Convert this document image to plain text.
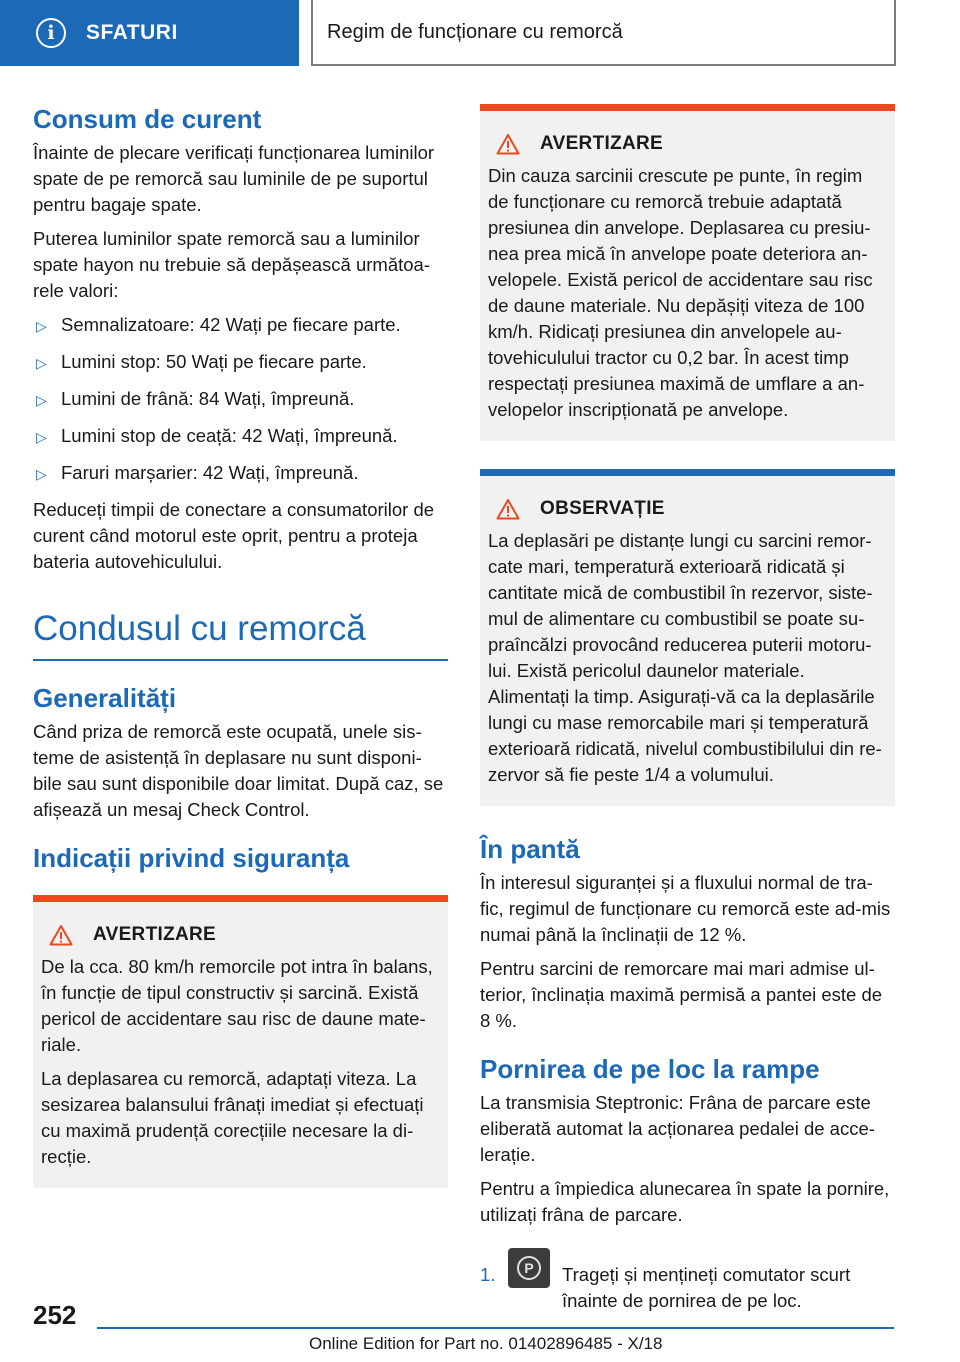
i	SFATURI	Regim de funcționare cu remorcă
Consum de curent

Înainte de plecare verificați funcționarea luminilor spate de pe remorcă sau luminile de pe suportul pentru bagaje spate.

Puterea luminilor spate remorcă sau a luminilor spate hayon nu trebuie să depășească următoa-rele valori:

▷ Semnalizatoare: 42 Wați pe fiecare parte.
▷ Lumini stop: 50 Wați pe fiecare parte.
▷ Lumini de frână: 84 Wați, împreună.
▷ Lumini stop de ceață: 42 Wați, împreună.
▷ Faruri marșarier: 42 Wați, împreună.

Reduceți timpii de conectare a consumatorilor de curent când motorul este oprit, pentru a proteja bateria autovehiculului.

Condusul cu remorcă
Generalități

Când priza de remorcă este ocupată, unele sis-teme de asistență în deplasare nu sunt disponi-bile sau sunt disponibile doar limitat. După caz, se afișează un mesaj Check Control.

Indicații privind siguranța
AVERTIZARE

De la cca. 80 km/h remorcile pot intra în balans, în funcție de tipul constructiv și sarcină. Există pericol de accidentare sau risc de daune mate-riale.

La deplasarea cu remorcă, adaptați viteza. La sesizarea balansului frânați imediat și efectuați cu maximă prudență corecțiile necesare la di-recție.

AVERTIZARE

Din cauza sarcinii crescute pe punte, în regim de funcționare cu remorcă trebuie adaptată presiunea din anvelope. Deplasarea cu presiu-nea prea mică în anvelope poate deteriora an-velopele. Există pericol de accidentare sau risc de daune materiale. Nu depășiți viteza de 100 km/h. Ridicați presiunea din anvelopele au-tovehiculului tractor cu 0,2 bar. În acest timp respectați presiunea maximă de umflare a an-velopelor inscripționată pe anvelope.

OBSERVAȚIE

La deplasări pe distanțe lungi cu sarcini remor-cate mari, temperatură exterioară ridicată și cantitate mică de combustibil în rezervor, siste-mul de alimentare cu combustibil se poate su-praîncălzi provocând reducerea puterii motoru-lui. Există pericolul daunelor materiale. Alimentați la timp. Asigurați-vă ca la deplasările lungi cu mase remorcabile mari și temperatură exterioară ridicată, nivelul combustibilului din re-zervor să fie peste 1/4 a volumului.

În pantă

În interesul siguranței și a fluxului normal de tra-fic, regimul de funcționare cu remorcă este ad-mis numai până la înclinații de 12 %.

Pentru sarcini de remorcare mai mari admise ul-terior, înclinația maximă permisă a pantei este de 8 %.

Pornirea de pe loc la rampe

La transmisia Steptronic: Frâna de parcare este eliberată automat la acționarea pedalei de acce-lerație.

Pentru a împiedica alunecarea în spate la pornire, utilizați frâna de parcare.

1.	P	Trageți și mențineți comutator scurt înainte de pornirea de pe loc.

252
Online Edition for Part no. 01402896485 - X/18
